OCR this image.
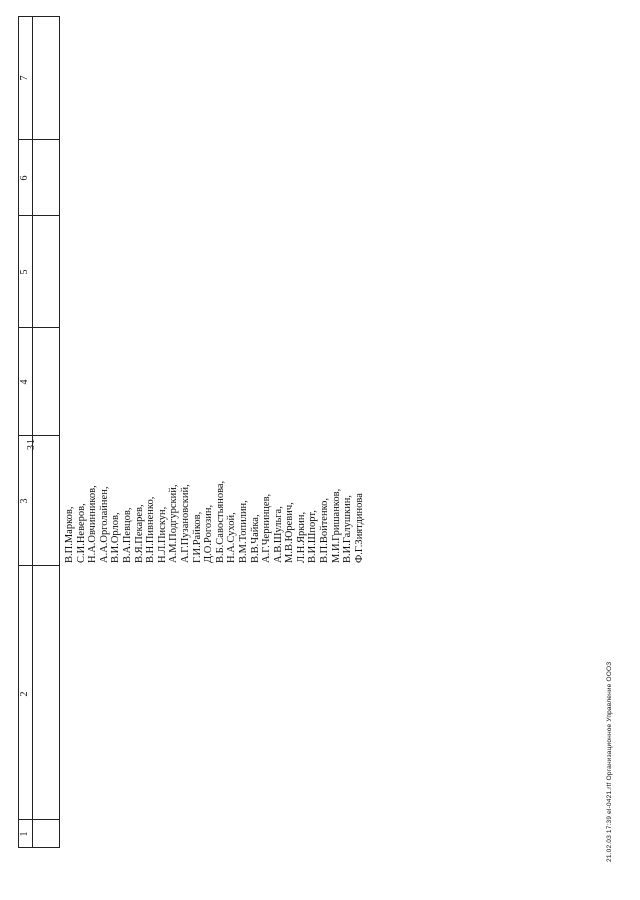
31
1
2
3
4
5
6
7
В.П.Марков, С.И.Неверов, Н.А.Овчинников, А.А.Орголайнен, В.И.Орлов, В.А.Певцов, В.Я.Пекарев, В.Н.Пивненко, Н.Л.Пискун, А.М.Подгурский, А.Г.Пузановский, Г.И.Райков, Д.О.Рогозин, В.Б.Савостьянова, Н.А.Сухой, В.М.Топилин, В.В.Чайка, А.Г.Чернинцев, А.В.Шульга, М.В.Юревич, Л.Н.Яркин, В.И.Шпорт, В.П.Войтенко, М.И.Гришанков, В.И.Галушкин, Ф.Г.Зиятдинова
21.02.03 17:39 el-0421.rtf Организационное Управление ОООЗ
